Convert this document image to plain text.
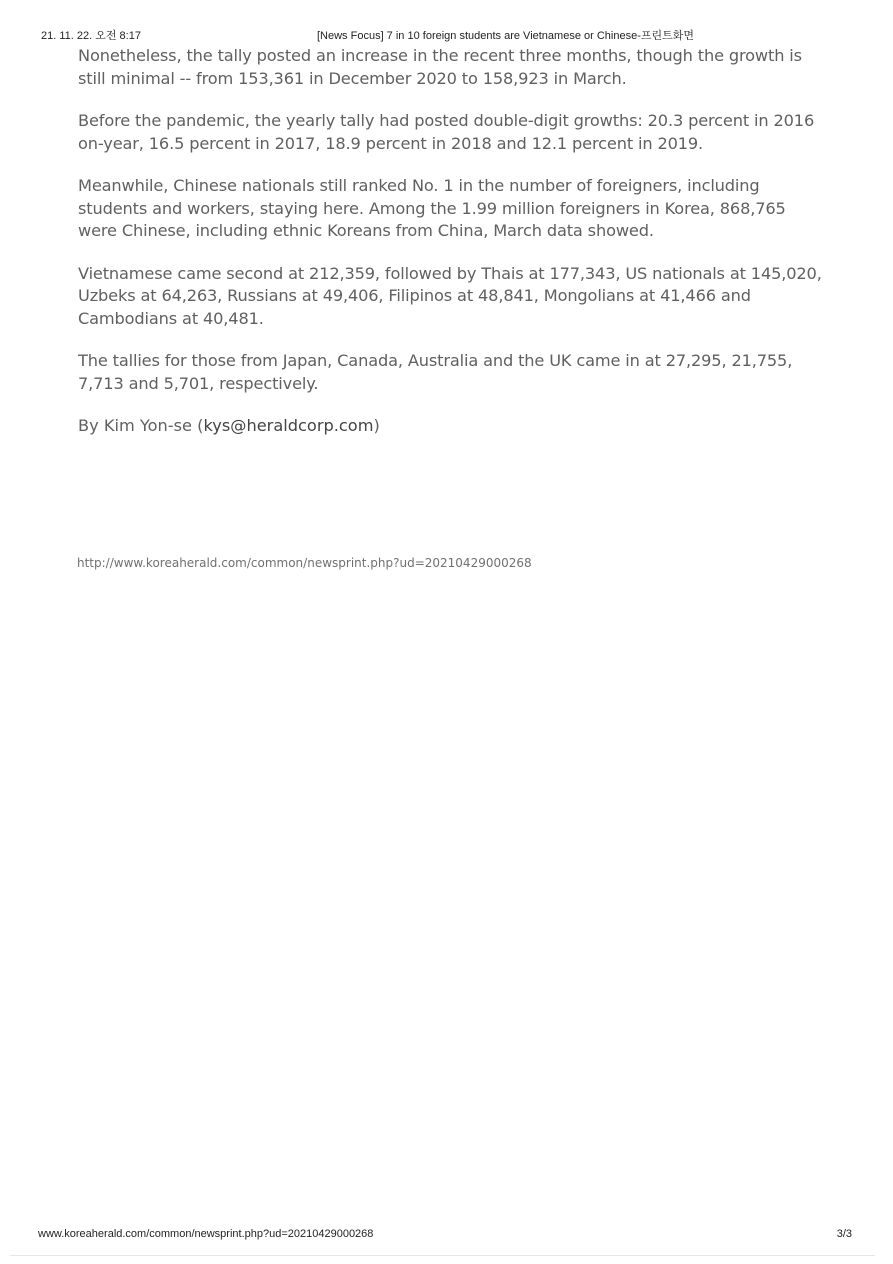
21. 11. 22. 오전 8:17	[News Focus] 7 in 10 foreign students are Vietnamese or Chinese-프린트화면

Nonetheless, the tally posted an increase in the recent three months, though the growth is still minimal -- from 153,361 in December 2020 to 158,923 in March.

Before the pandemic, the yearly tally had posted double-digit growths: 20.3 percent in 2016 on-year, 16.5 percent in 2017, 18.9 percent in 2018 and 12.1 percent in 2019.

Meanwhile, Chinese nationals still ranked No. 1 in the number of foreigners, including students and workers, staying here. Among the 1.99 million foreigners in Korea, 868,765 were Chinese, including ethnic Koreans from China, March data showed.

Vietnamese came second at 212,359, followed by Thais at 177,343, US nationals at 145,020, Uzbeks at 64,263, Russians at 49,406, Filipinos at 48,841, Mongolians at 41,466 and Cambodians at 40,481.

The tallies for those from Japan, Canada, Australia and the UK came in at 27,295, 21,755, 7,713 and 5,701, respectively.

By Kim Yon-se (kys@heraldcorp.com)
http://www.koreaherald.com/common/newsprint.php?ud=20210429000268
www.koreaherald.com/common/newsprint.php?ud=20210429000268	3/3
